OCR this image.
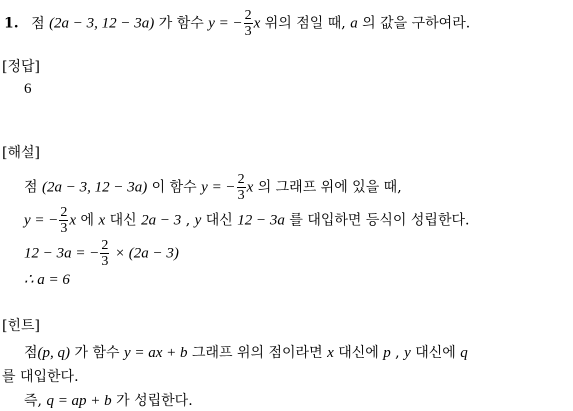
1. 점 (2a − 3, 12 − 3a) 가 함수 y = − $\frac{2}{3}$ x 위의 점일 때, a 의 값을 구하여라.
[정답]
6
[해설]
점 (2a − 3, 12 − 3a) 이 함수 y = − $\frac{2}{3}$ x 의 그래프 위에 있을 때,
y = − $\frac{2}{3}$ x 에 x 대신 2a − 3 , y 대신 12 − 3a 를 대입하면 등식이 성립한다.
12 − 3a = − $\frac{2}{3} \times (2a - 3)$
∴ a = 6
[힌트]
점(p, q) 가 함수 y = ax + b 그래프 위의 점이라면 x 대신에 p , y 대신에 q
를 대입한다.
즉, q = ap + b 가 성립한다.
